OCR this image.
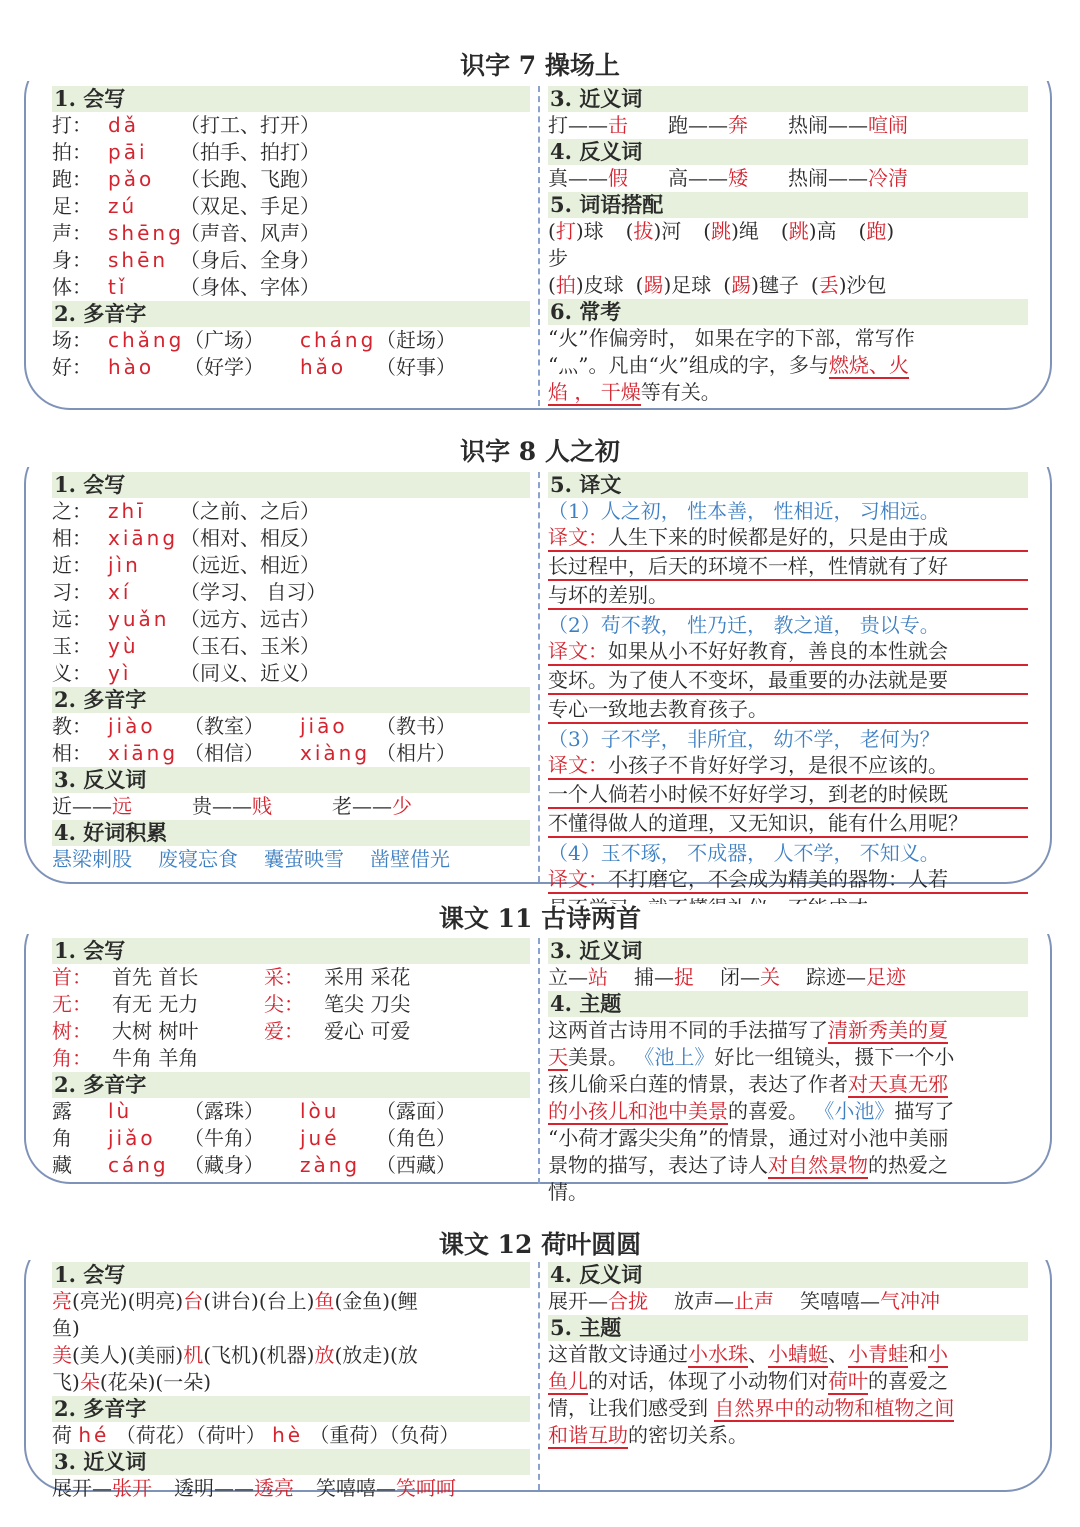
识字 7 操场上
1. 会写
打： dǎ （打工、打开）
拍： pāi （拍手、拍打）
跑： pǎo （长跑、飞跑）
足： zú （双足、手足）
声： shēng（声音、风声）
身： shēn （身后、全身）
体： tǐ	（身体、字体）
2. 多音字
场： chǎng（广场） cháng（赶场）
好： hào （好学） hǎo （好事）
3. 近义词
打——击 跑——奔 热闹——喧闹
4. 反义词
真——假 高——矮 热闹——冷清
5. 词语搭配
(打)球 (拔)河 (跳)绳 (跳)高 (跑)
步
(拍)皮球 (踢)足球 (踢)毽子 (丢)沙包
6. 常考
“火”作偏旁时， 如果在字的下部，常写作
“灬”。凡由“火”组成的字，多与燃烧、火
焰 ， 干燥等有关。
识字 8 人之初
1. 会写
之： zhī （之前、之后）
相： xiāng（相对、相反）
近： jìn （远近、相近）
习： xí （学习、 自习）
远： yuǎn （远方、远古）
玉： yù （玉石、玉米）
义： yì （同义、近义）
2. 多音字
教： jiào （教室） jiāo （教书）
相： xiāng （相信） xiàng （相片）
3. 反义词
近——远	贵——贱	老——少
4. 好词积累
悬梁刺股 废寝忘食 囊萤映雪 凿壁借光
5. 译文
（1）人之初， 性本善， 性相近， 习相远。
译文：人生下来的时候都是好的，只是由于成
长过程中，后天的环境不一样，性情就有了好
与坏的差别。
（2）苟不教， 性乃迁， 教之道， 贵以专。
译文：如果从小不好好教育，善良的本性就会
变坏。为了使人不变坏，最重要的办法就是要
专心一致地去教育孩子。
（3）子不学， 非所宜， 幼不学， 老何为？
译文：小孩子不肯好好学习，是很不应该的。
一个人倘若小时候不好好学习，到老的时候既
不懂得做人的道理，又无知识，能有什么用呢？
（4）玉不琢， 不成器， 人不学， 不知义。
译文：不打磨它，不会成为精美的器物：人若
课文 11 古诗两首
1. 会写
首： 首先 首长	采： 采用 采花
无： 有无 无力	尖： 笔尖 刀尖
树： 大树 树叶	爱： 爱心 可爱
角： 牛角 羊角
2. 多音字
露 lù	（露珠） lòu （露面）
角 jiǎo （牛角） jué （角色）
藏 cáng （藏身） zàng （西藏）
3. 近义词
立—站 捕—捉 闭—关 踪迹—足迹
4. 主题
这两首古诗用不同的手法描写了清新秀美的夏
天美景。 《池上》好比一组镜头，摄下一个小
孩儿偷采白莲的情景，表达了作者对天真无邪
的小孩儿和池中美景的喜爱。 《小池》描写了
“小荷才露尖尖角”的情景，通过对小池中美丽
景物的描写，表达了诗人对自然景物的热爱之
情。
课文 12 荷叶圆圆
1. 会写
亮(亮光)(明亮)台(讲台)(台上)鱼(金鱼)(鲤
鱼)
美(美人)(美丽)机(飞机)(机器)放(放走)(放
飞)朵(花朵)(一朵)
2. 多音字
荷 hé （荷花）（荷叶） hè （重荷）（负荷）
3. 近义词
展开—张开 透明——透亮 笑嘻嘻—笑呵呵
4. 反义词
展开—合拢 放声—止声 笑嘻嘻—气冲冲
5. 主题
这首散文诗通过小水珠、小蜻蜓、小青蛙和小
鱼儿的对话，体现了小动物们对荷叶的喜爱之
情，让我们感受到 自然界中的动物和植物之间
和谐互助的密切关系。
